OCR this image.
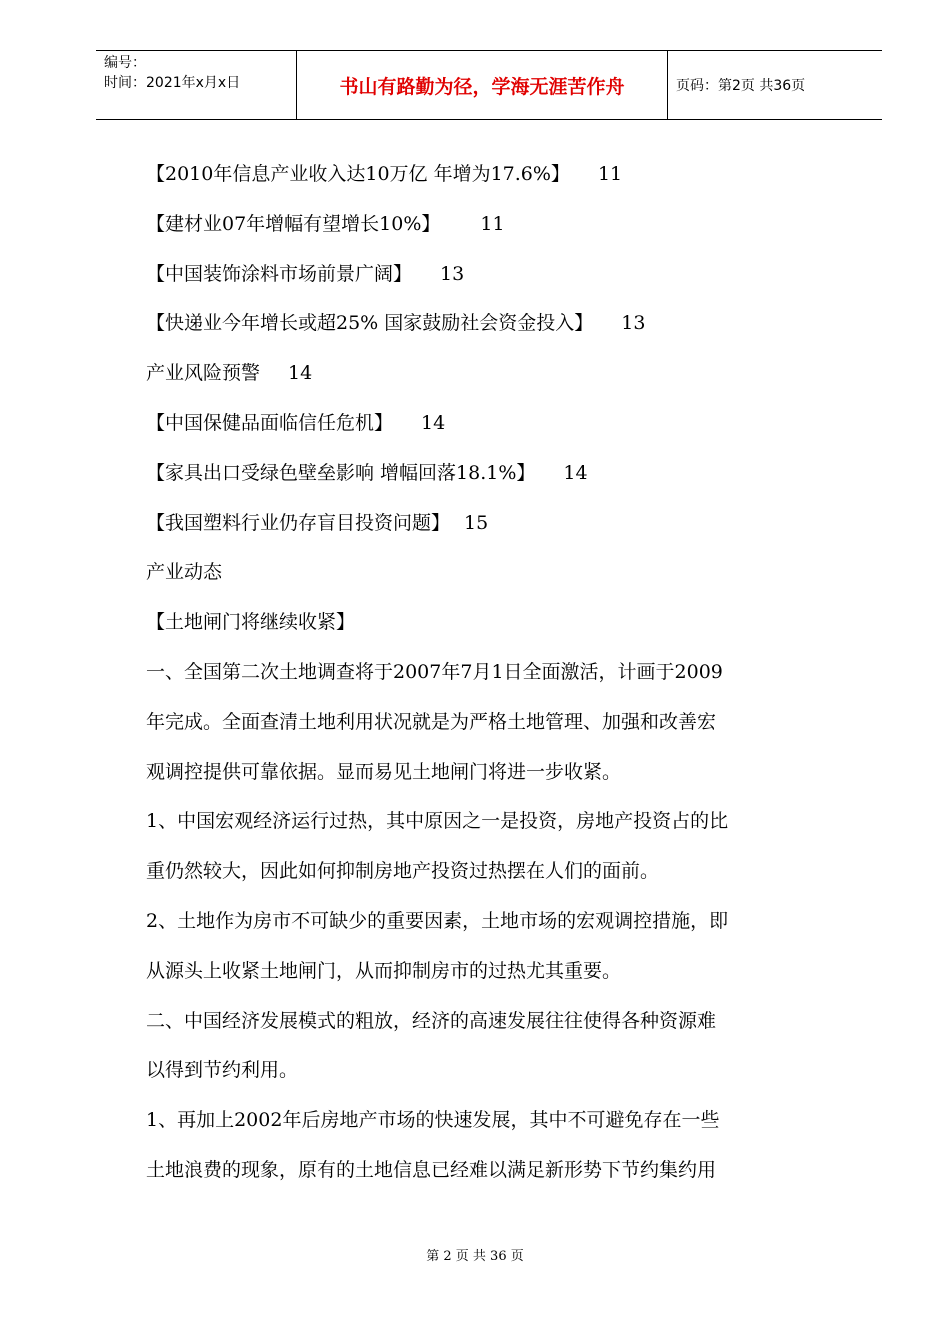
编号：
时间：2021年x月x日	书山有路勤为径，学海无涯苦作舟	页码：第2页 共36页
【2010年信息产业收入达10万亿 年增为17.6%】 11
【建材业07年增幅有望增长10%】 11
【中国装饰涂料市场前景广阔】 13
【快递业今年增长或超25% 国家鼓励社会资金投入】 13
产业风险预警 14
【中国保健品面临信任危机】 14
【家具出口受绿色壁垒影响 增幅回落18.1%】 14
【我国塑料行业仍存盲目投资问题】 15
产业动态
【土地闸门将继续收紧】
一、全国第二次土地调查将于2007年7月1日全面激活，计画于2009
年完成。全面查清土地利用状况就是为严格土地管理、加强和改善宏
观调控提供可靠依据。显而易见土地闸门将进一步收紧。
1、中国宏观经济运行过热，其中原因之一是投资，房地产投资占的比
重仍然较大，因此如何抑制房地产投资过热摆在人们的面前。
2、土地作为房市不可缺少的重要因素，土地市场的宏观调控措施，即
从源头上收紧土地闸门，从而抑制房市的过热尤其重要。
二、中国经济发展模式的粗放，经济的高速发展往往使得各种资源难
以得到节约利用。
1、再加上2002年后房地产市场的快速发展，其中不可避免存在一些
土地浪费的现象，原有的土地信息已经难以满足新形势下节约集约用
第 2 页 共 36 页
